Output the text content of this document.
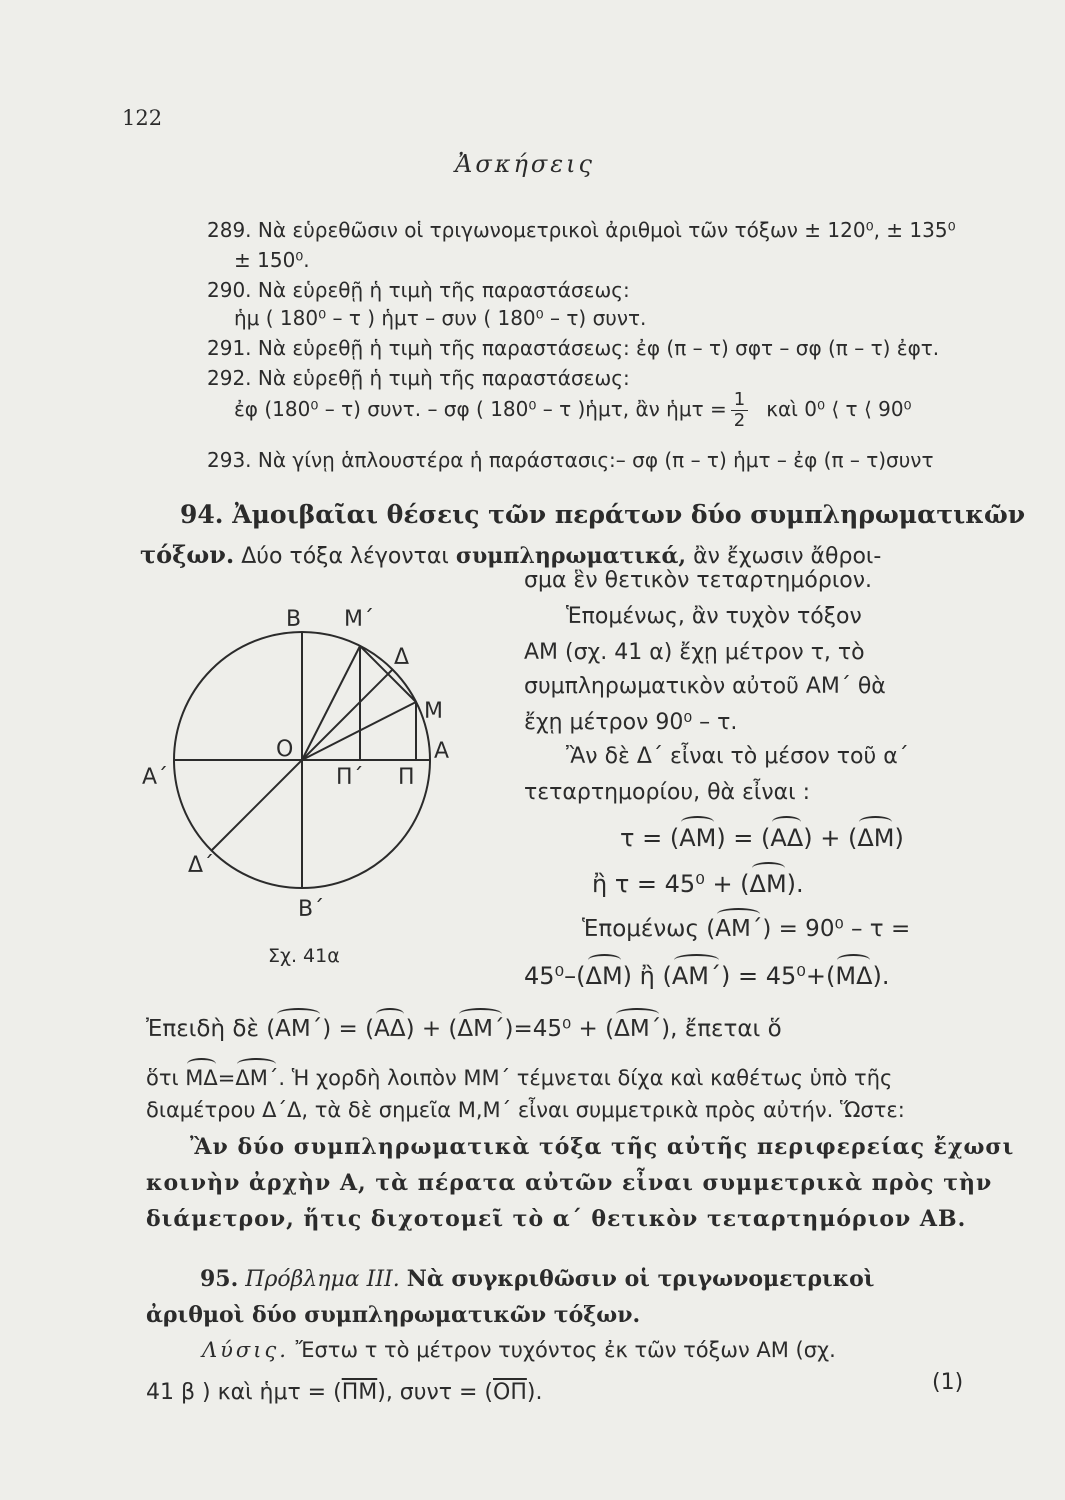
122
Ἀσκήσεις
289. Νὰ εὑρεθῶσιν οἱ τριγωνομετρικοὶ ἀριθμοὶ τῶν τόξων ± 120⁰, ± 135⁰
± 150⁰.
290. Νὰ εὑρεθῇ ἡ τιμὴ τῆς παραστάσεως:
ἡμ ( 180⁰ – τ ) ἡμτ – συν ( 180⁰ – τ) συντ.
291. Νὰ εὑρεθῇ ἡ τιμὴ τῆς παραστάσεως: ἐφ (π – τ) σφτ – σφ (π – τ) ἐφτ.
292. Νὰ εὑρεθῇ ἡ τιμὴ τῆς παραστάσεως:
ἐφ (180⁰ – τ) συντ. – σφ ( 180⁰ – τ )ἡμτ, ἂν ἡμτ = $\frac{1}{2}$ καὶ 0⁰ ⟨ τ ⟨ 90⁰
293. Νὰ γίνῃ ἁπλουστέρα ἡ παράστασις:– σφ (π – τ) ἡμτ – ἐφ (π – τ)συντ
94. Ἀμοιβαῖαι θέσεις τῶν περάτων δύο συμπληρωματικῶν
τόξων. Δύο τόξα λέγονται συμπληρωματικά, ἂν ἔχωσιν ἄθροι-
σμα ἓν θετικὸν τεταρτημόριον.
Ἑπομένως, ἂν τυχὸν τόξον
ΑΜ (σχ. 41 α) ἔχῃ μέτρον τ, τὸ
συμπληρωματικὸν αὐτοῦ ΑΜ΄ θὰ
ἔχῃ μέτρον 90⁰ – τ.
Ἂν δὲ Δ΄ εἶναι τὸ μέσον τοῦ α΄
τεταρτημορίου, θὰ εἶναι :
τ = (ΑΜ) = (ΑΔ) + (ΔΜ)
ἢ τ = 45⁰ + (ΔΜ).
Ἑπομένως (ΑΜ΄) = 90⁰ – τ =
45⁰–(ΔΜ) ἢ (ΑΜ΄) = 45⁰+(ΜΔ).
Ἐπειδὴ δὲ (ΑΜ΄) = (ΑΔ) + (ΔΜ΄)=45⁰ + (ΔΜ΄), ἔπεται ὅ
ὅτι ΜΔ=ΔΜ΄. Ἡ χορδὴ λοιπὸν ΜΜ΄ τέμνεται δίχα καὶ καθέτως ὑπὸ τῆς
διαμέτρου Δ΄Δ, τὰ δὲ σημεῖα Μ,Μ΄ εἶναι συμμετρικὰ πρὸς αὐτήν. Ὥστε:
Ἂν δύο συμπληρωματικὰ τόξα τῆς αὐτῆς περιφερείας ἔχωσι
κοινὴν ἀρχὴν Α, τὰ πέρατα αὐτῶν εἶναι συμμετρικὰ πρὸς τὴν
διάμετρον, ἥτις διχοτομεῖ τὸ α΄ θετικὸν τεταρτημόριον ΑΒ.
95. Πρόβλημα III. Νὰ συγκριθῶσιν οἱ τριγωνομετρικοὶ
ἀριθμοὶ δύο συμπληρωματικῶν τόξων.
Λύσις. Ἔστω τ τὸ μέτρον τυχόντος ἐκ τῶν τόξων ΑΜ (σχ.
41 β ) καὶ ἡμτ = $(\overline{\Pi M})$, $\sigma\upsilon\nu\tau = (\overline{O\Pi})$.	(1)
Β Μ΄
Δ
Μ
Ο	Α
Α΄	Π΄ Π
Δ΄
Β΄
Σχ. 41α
